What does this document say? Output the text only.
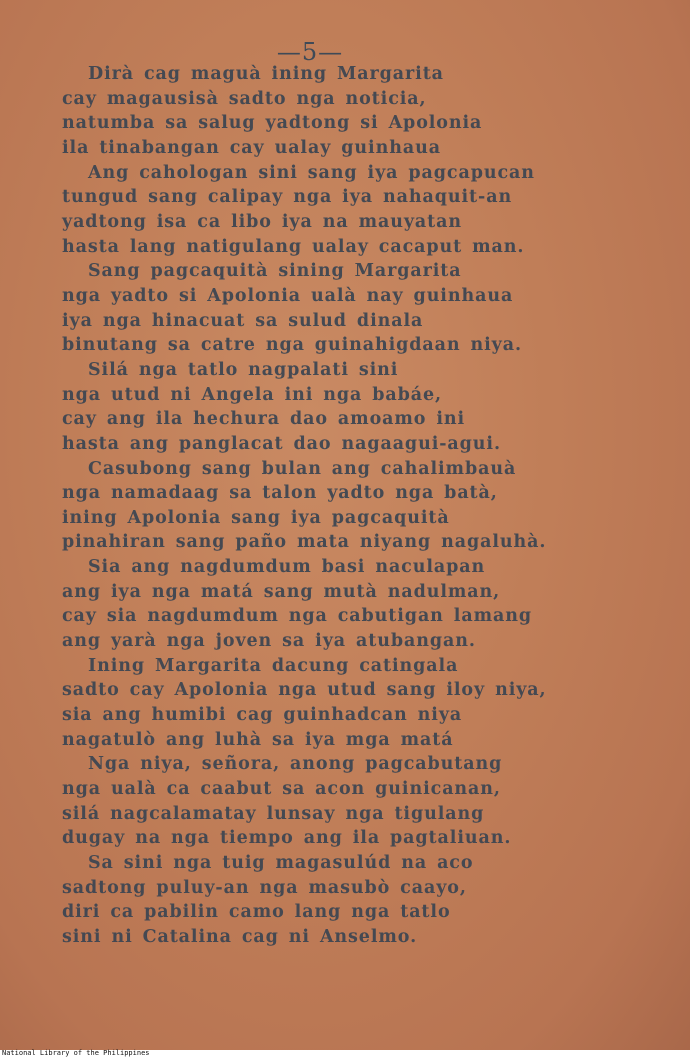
—5—
Dirà cag maguà ining Margarita
cay magausisà sadto nga noticia,
natumba sa salug yadtong si Apolonia
ila tinabangan cay ualay guinhaua
Ang cahologan sini sang iya pagcapucan
tungud sang calipay nga iya nahaquit-an
yadtong isa ca libo iya na mauyatan
hasta lang natigulang ualay cacaput man.
Sang pagcaquità sining Margarita
nga yadto si Apolonia ualà nay guinhaua
iya nga hinacuat sa sulud dinala
binutang sa catre nga guinahigdaan niya.
Silá nga tatlo nagpalati sini
nga utud ni Angela ini nga babáe,
cay ang ila hechura dao amoamo ini
hasta ang panglacat dao nagaagui-agui.
Casubong sang bulan ang cahalimbauà
nga namadaag sa talon yadto nga batà,
ining Apolonia sang iya pagcaquità
pinahiran sang paño mata niyang nagaluhà.
Sia ang nagdumdum basi naculapan
ang iya nga matá sang mutà nadulman,
cay sia nagdumdum nga cabutigan lamang
ang yarà nga joven sa iya atubangan.
Ining Margarita dacung catingala
sadto cay Apolonia nga utud sang iloy niya,
sia ang humibi cag guinhadcan niya
nagatulò ang luhà sa iya mga matá
Nga niya, señora, anong pagcabutang
nga ualà ca caabut sa acon guinicanan,
silá nagcalamatay lunsay nga tigulang
dugay na nga tiempo ang ila pagtaliuan.
Sa sini nga tuig magasulúd na aco
sadtong puluy-an nga masubò caayo,
diri ca pabilin camo lang nga tatlo
sini ni Catalina cag ni Anselmo.
National Library of the Philippines
